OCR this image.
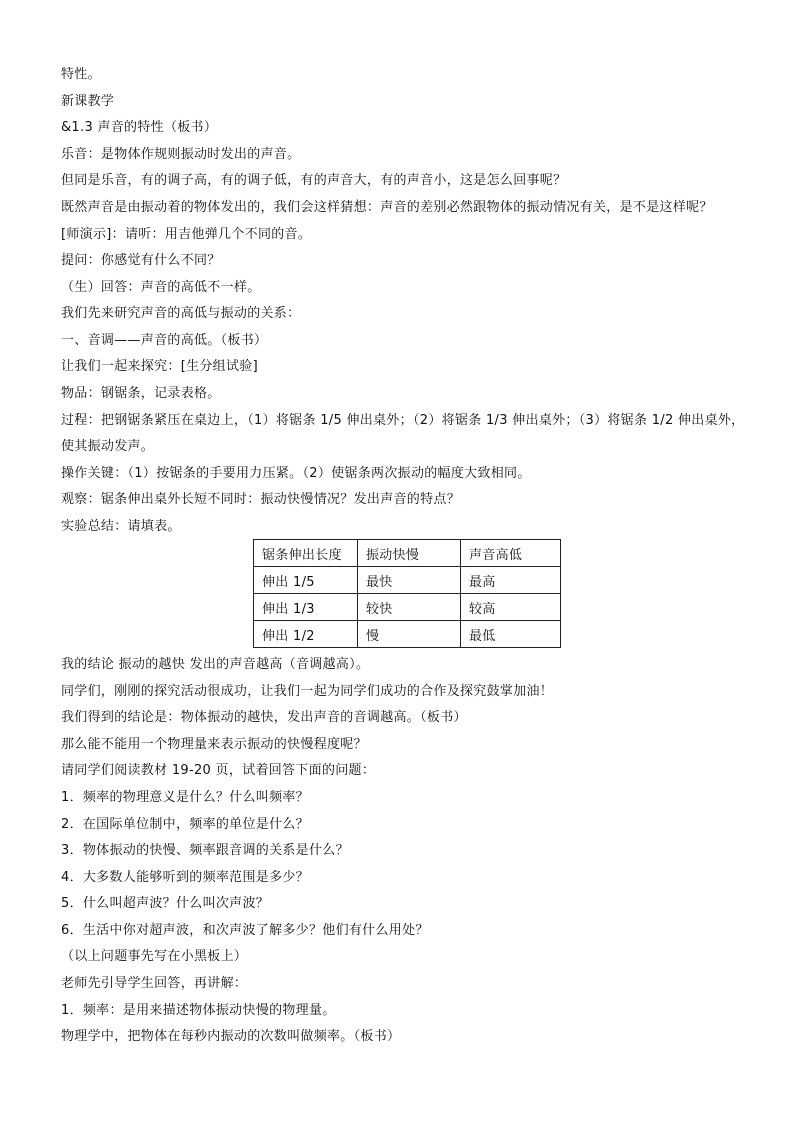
特性。
新课教学
&1.3 声音的特性（板书）
乐音：是物体作规则振动时发出的声音。
但同是乐音，有的调子高，有的调子低，有的声音大，有的声音小，这是怎么回事呢？
既然声音是由振动着的物体发出的，我们会这样猜想：声音的差别必然跟物体的振动情况有关，是不是这样呢？
[师演示]：请听：用吉他弹几个不同的音。
提问：你感觉有什么不同？
（生）回答：声音的高低不一样。
我们先来研究声音的高低与振动的关系：
一、音调——声音的高低。（板书）
让我们一起来探究：[生分组试验]
物品：钢锯条，记录表格。
过程：把钢锯条紧压在桌边上，（1）将锯条 1/5 伸出桌外；（2）将锯条 1/3 伸出桌外；（3）将锯条 1/2 伸出桌外，
使其振动发声。
操作关键：（1）按锯条的手要用力压紧。（2）使锯条两次振动的幅度大致相同。
观察：锯条伸出桌外长短不同时：振动快慢情况？发出声音的特点？
实验总结：请填表。
锯条伸出长度	振动快慢	声音高低
伸出 1/5	最快	最高
伸出 1/3	较快	较高
伸出 1/2	慢	最低
我的结论 振动的越快 发出的声音越高（音调越高）。
同学们，刚刚的探究活动很成功，让我们一起为同学们成功的合作及探究鼓掌加油！
我们得到的结论是：物体振动的越快，发出声音的音调越高。（板书）
那么能不能用一个物理量来表示振动的快慢程度呢？
请同学们阅读教材 19-20 页，试着回答下面的问题：
1．频率的物理意义是什么？什么叫频率？
2．在国际单位制中，频率的单位是什么？
3．物体振动的快慢、频率跟音调的关系是什么？
4．大多数人能够听到的频率范围是多少？
5．什么叫超声波？什么叫次声波？
6．生活中你对超声波，和次声波了解多少？他们有什么用处？
（以上问题事先写在小黑板上）
老师先引导学生回答，再讲解：
1．频率：是用来描述物体振动快慢的物理量。
物理学中，把物体在每秒内振动的次数叫做频率。（板书）
